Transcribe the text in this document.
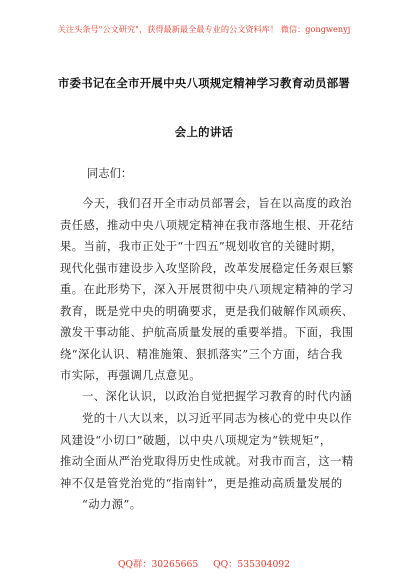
关注头条号"公文研究"，获得最新最全最专业的公文资料库！ 微信：gongwenyj
市委书记在全市开展中央八项规定精神学习教育动员部署
会上的讲话
同志们：
今天，我们召开全市动员部署会，旨在以高度的政治
责任感，推动中央八项规定精神在我市落地生根、开花结
果。当前，我市正处于“十四五”规划收官的关键时期，
现代化强市建设步入攻坚阶段，改革发展稳定任务艰巨繁
重。在此形势下，深入开展贯彻中央八项规定精神的学习
教育，既是党中央的明确要求，更是我们破解作风顽疾、
激发干事动能、护航高质量发展的重要举措。下面，我围
绕“深化认识、精准施策、狠抓落实”三个方面，结合我
市实际，再强调几点意见。
一、深化认识，以政治自觉把握学习教育的时代内涵
党的十八大以来，以习近平同志为核心的党中央以作
风建设“小切口”破题，以中央八项规定为“铁规矩”，
推动全面从严治党取得历史性成就。对我市而言，这一精
神不仅是管党治党的“指南针”，更是推动高质量发展的
“动力源”。
QQ群：30265665 QQ：535304092
